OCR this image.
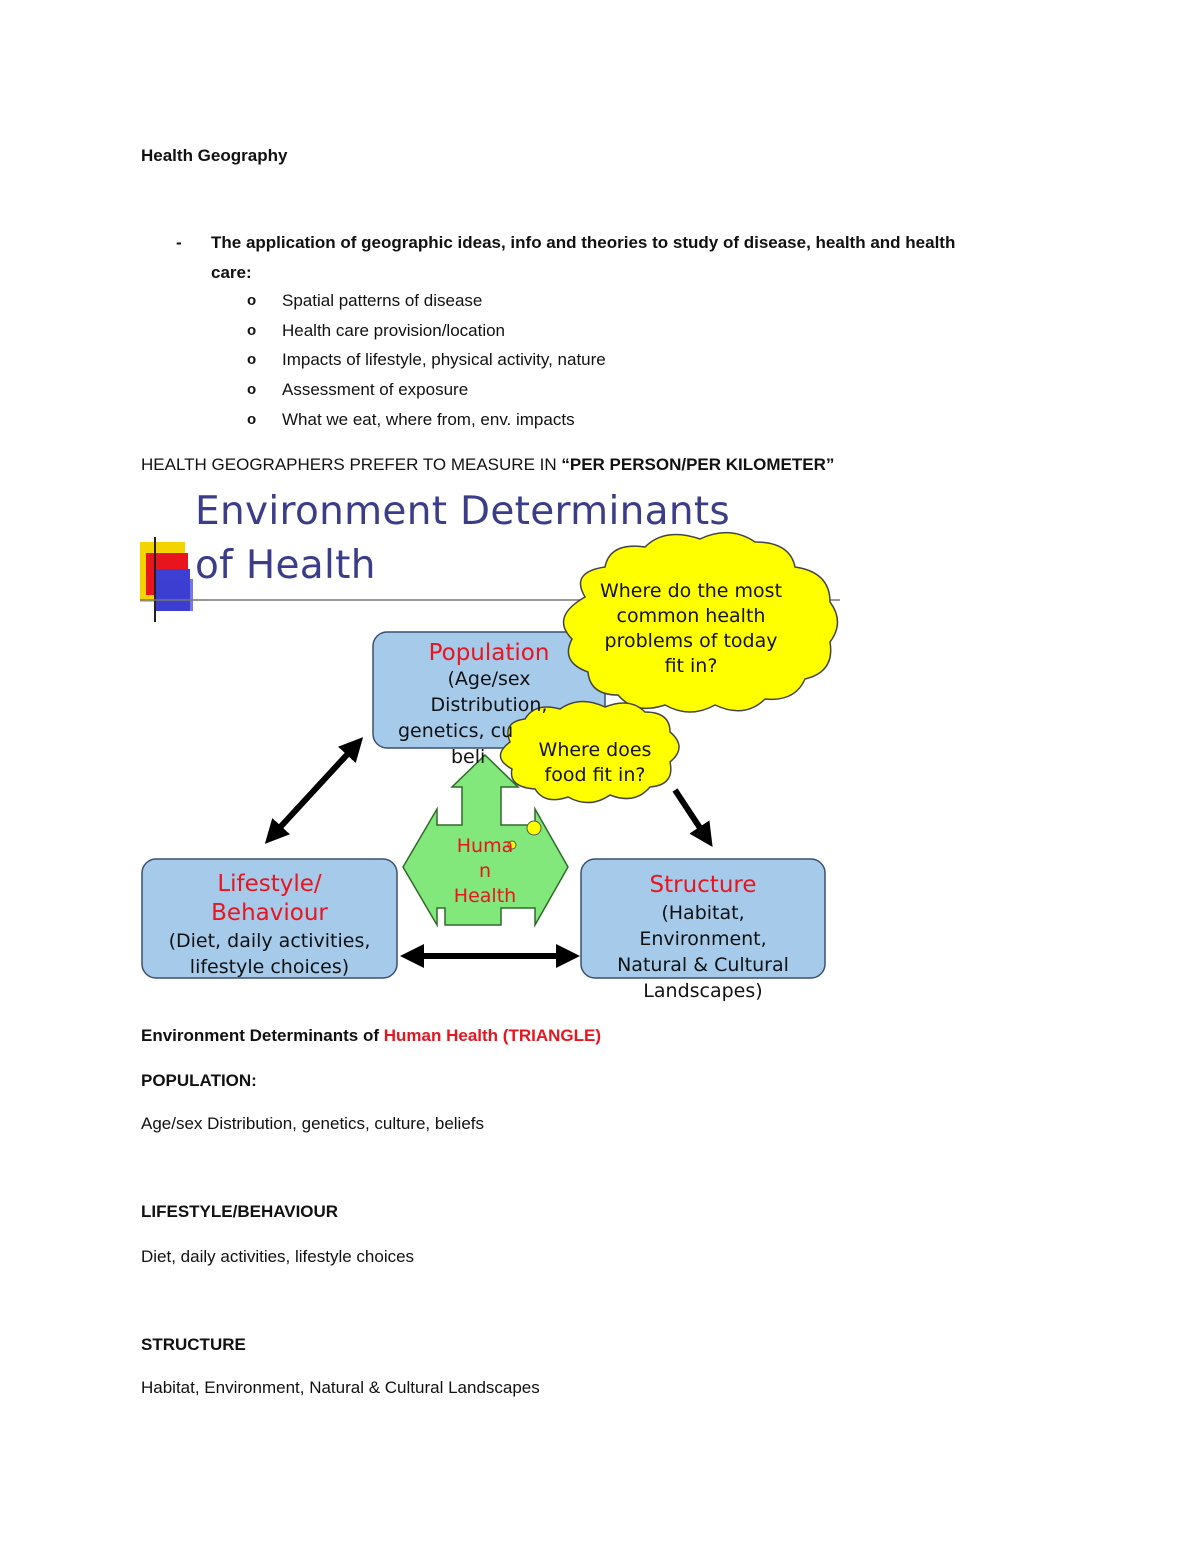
Health Geography
- The application of geographic ideas, info and theories to study of disease, health and health
care:
o Spatial patterns of disease
o Health care provision/location
o Impacts of lifestyle, physical activity, nature
o Assessment of exposure
o What we eat, where from, env. impacts
HEALTH GEOGRAPHERS PREFER TO MEASURE IN “PER PERSON/PER KILOMETER”
Environment Determinants
of Health
Population
(Age/sex
Distribution,
genetics, cu
beli
Lifestyle/
Behaviour
(Diet, daily activities,
lifestyle choices)
Structure
(Habitat,
Environment,
Natural & Cultural
Landscapes)
Huma
n
Health
Where do the most
common health
problems of today
fit in?
Where does
food fit in?
Environment Determinants of Human Health (TRIANGLE)
POPULATION:
Age/sex Distribution, genetics, culture, beliefs
LIFESTYLE/BEHAVIOUR
Diet, daily activities, lifestyle choices
STRUCTURE
Habitat, Environment, Natural & Cultural Landscapes
